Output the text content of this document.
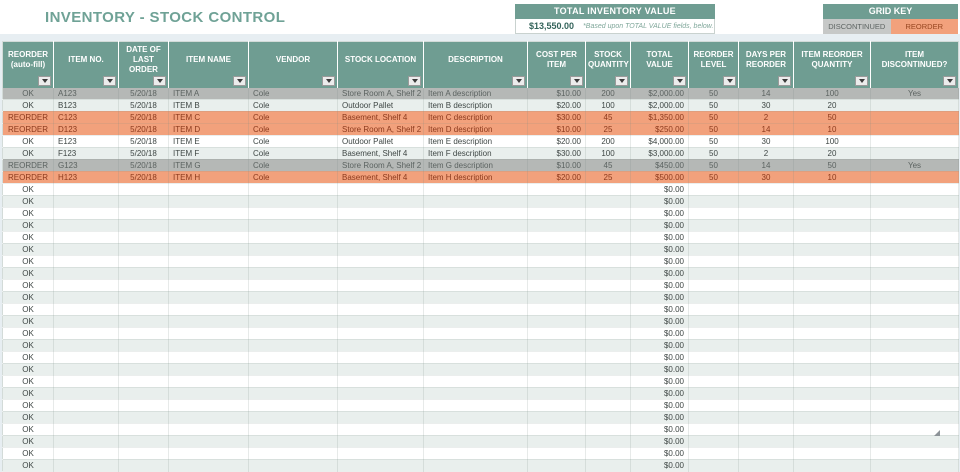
INVENTORY - STOCK CONTROL	TOTAL INVENTORY VALUE
$13,550.00 *Based upon TOTAL VALUE fields, below.
GRID KEY
DISCONTINUED	REORDER
REORDER (auto-fill)	ITEM NO.	DATE OF LAST ORDER	ITEM NAME	VENDOR	STOCK LOCATION	DESCRIPTION	COST PER ITEM	STOCK QUANTITY	TOTAL VALUE	REORDER LEVEL	DAYS PER REORDER	ITEM REORDER QUANTITY	ITEM DISCONTINUED?

OK	A123	5/20/18	ITEM A	Cole	Store Room A, Shelf 2	Item A description	$10.00	200	$2,000.00	50	14	100	Yes
OK	B123	5/20/18	ITEM B	Cole	Outdoor Pallet	Item B description	$20.00	100	$2,000.00	50	30	20	
REORDER	C123	5/20/18	ITEM C	Cole	Basement, Shelf 4	Item C description	$30.00	45	$1,350.00	50	2	50	
REORDER	D123	5/20/18	ITEM D	Cole	Store Room A, Shelf 2	Item D description	$10.00	25	$250.00	50	14	10	
OK	E123	5/20/18	ITEM E	Cole	Outdoor Pallet	Item E description	$20.00	200	$4,000.00	50	30	100	
OK	F123	5/20/18	ITEM F	Cole	Basement, Shelf 4	Item F description	$30.00	100	$3,000.00	50	2	20	
REORDER	G123	5/20/18	ITEM G	Cole	Store Room A, Shelf 2	Item G description	$10.00	45	$450.00	50	14	50	Yes
REORDER	H123	5/20/18	ITEM H	Cole	Basement, Shelf 4	Item H description	$20.00	25	$500.00	50	30	10	
OK									$0.00				
OK									$0.00				
OK									$0.00				
OK									$0.00				
OK									$0.00				
OK									$0.00				
OK									$0.00				
OK									$0.00				
OK									$0.00				
OK									$0.00				
OK									$0.00				
OK									$0.00				
OK									$0.00				
OK									$0.00				
OK									$0.00				
OK									$0.00				
OK									$0.00				
OK									$0.00				
OK									$0.00				
OK									$0.00				
OK									$0.00				
OK									$0.00				
OK									$0.00				
OK									$0.00				
